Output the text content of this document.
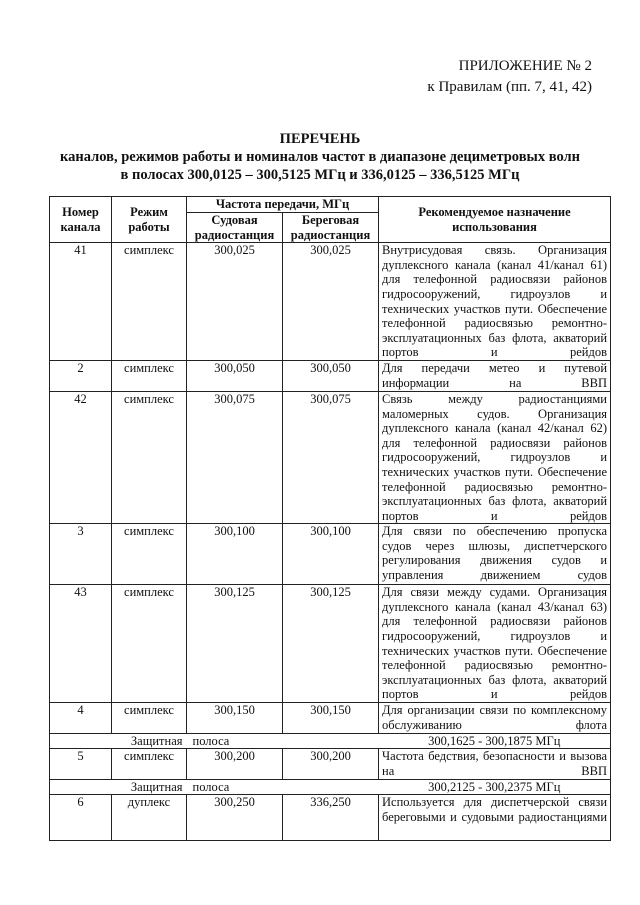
ПРИЛОЖЕНИЕ № 2
к Правилам (пп. 7, 41, 42)
ПЕРЕЧЕНЬ
каналов, режимов работы и номиналов частот в диапазоне дециметровых волн
в полосах 300,0125 – 300,5125 МГц и 336,0125 – 336,5125 МГц
Номер канала	Режим работы	Частота передачи, МГц		Рекомендуемое назначение использования
		Судовая радиостанция	Береговая радиостанция	
41	симплекс	300,025	300,025	Внутрисудовая связь. Организация дуплексного канала (канал 41/канал 61) для телефонной радиосвязи районов гидросооружений, гидроузлов и технических участков пути. Обеспечение телефонной радиосвязью ремонтно-эксплуатационных баз флота, акваторий портов и рейдов
2	симплекс	300,050	300,050	Для передачи метео и путевой информации на ВВП
42	симплекс	300,075	300,075	Связь между радиостанциями маломерных судов. Организация дуплексного канала (канал 42/канал 62) для телефонной радиосвязи районов гидросооружений, гидроузлов и технических участков пути. Обеспечение телефонной радиосвязью ремонтно-эксплуатационных баз флота, акваторий портов и рейдов
3	симплекс	300,100	300,100	Для связи по обеспечению пропуска судов через шлюзы, диспетчерского регулирования движения судов и управления движением судов
43	симплекс	300,125	300,125	Для связи между судами. Организация дуплексного канала (канал 43/канал 63) для телефонной радиосвязи районов гидросооружений, гидроузлов и технических участков пути. Обеспечение телефонной радиосвязью ремонтно-эксплуатационных баз флота, акваторий портов и рейдов
4	симплекс	300,150	300,150	Для организации связи по комплексному обслуживанию флота
Защитная		полоса		300,1625 - 300,1875 МГц
5	симплекс	300,200	300,200	Частота бедствия, безопасности и вызова на ВВП
Защитная		полоса		300,2125 - 300,2375 МГц
6	дуплекс	300,250	336,250	Используется для диспетчерской связи береговыми и судовыми радиостанциями
